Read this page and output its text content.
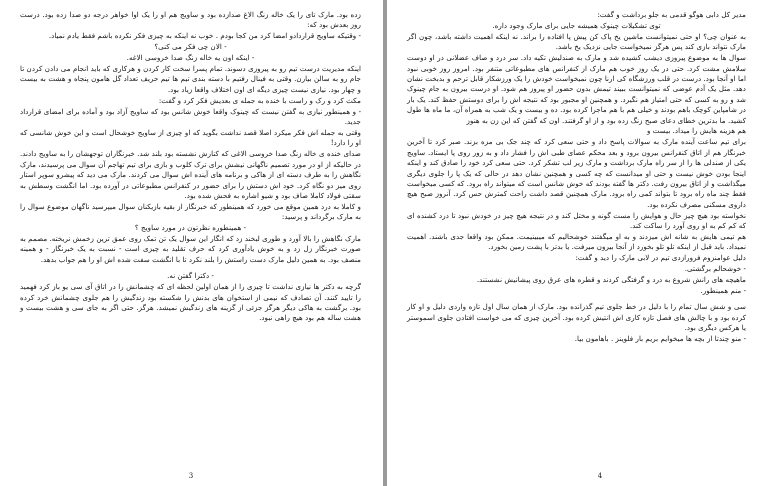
زده بود. مارک تای را یک خاله زنگ الاغ صدازده بود و ساویج هم او را یک اوا خواهر درجه دو صدا زده بود. درست روز بعدش بود که:

- وقتیکه ساویج قراردادو امضا کرد من کجا بودم . خوب نه اینکه به چیزی فکر نکرده باشم فقط یادم نمیاد.

- الان چی فکر می کنی؟

- اینکه اون یه خاله زنگ صدا خروسی الاغه.

اینکه مدیریت درست تیم رو به پیروزی دسوند. تمام پسرا سخت کار کردن و هرکاری که باید انجام می دادن کردن تا جام رو به سالن بیارن. وقتی به فینال رفتیم با دسته بندی تیم ها تیم حریف تعداد گل هامون پنجاه و هشت به بیست و چهار بود. نیازی نیست چیزی دیگه ای اون اختلاف واقعا زیاد بود.

مکث کرد و رک و راست با خنده به جمله ی بعدیش فکر کرد و گفت:

- و همینطور نیازی به گفتن نیست که چینوک واقعا خوش شانس بود که ساویج آزاد بود و آماده برای امضای قرارداد جدید.

وقتی به جمله اش فکر میکرد اصلا قصد نداشت بگوید که او چیزی از ساویج خوشحال است و این خوش شانسی که او را دارد!

صدای خنده ی خاله زنگ صدا خروسی الاغی که کنارش نشسته بود بلند شد. خبرنگاران توجهشان را به ساویج دادند. در حالیکه از او در مورد تصمیم ناگهانی نیشش برای ترک کلوب و بازی برای تیم تهاجم آن سوال می پرسیدند، مارک نگاهش را به طرف دسته ای از هاکی و برنامه های آینده اش سوال می کردند. مارک می دید که پیشرو سوپر استار روی میز دو نگاه کرد. خود اش دستش را برای حضور در کنفرانس مطبوعاتی در آورده بود. اما انگشت وسطش به سقتی فولاد کاملا صاف بود و شیو اشاره به فحش شده بود.

و کاملا به درد همین موقع می خورد که همینطور که خبرنگار از بقیه بازیکنان سوال میپرسید ناگهان موضوع سوال را به مارک برگرداند و پرسید:

- همینطوره نظرتون در مورد ساویج ؟

مارک نگاهش را بالا آورد و طوری لبخند زد که انگار این سوال یک تن تمک روی عمق ترین زخمش نریخته. مصمم به صورت خبرنگار زل زد و به خوش یادآوری کرد که حرف تقلید به چیزی است - نسبت به یک خبرنگار - و همینه منصف بود. به همین دلیل مارک دست راستش را بلند نکرد تا با انگشت سفت شده اش او را هم جواب بدهد.

- دکترا گفتن نه.

گرچه به دکتر ها نیازی نداشت تا چیزی را از همان اولین لحظه ای که چشمانش را در اتاق آی سی یو باز کرد فهمید را تایید کنند. آن تصادف که نیمی از استخوان های بدنش را شکسته بود زندگیش را هم جلوی چشمانش خرد کرده بود. برگشت به هاکی دیگر هرگز جزئی از گزینه های زندگیش نمیشد. هرگز. حتی اگر به جای سی و هشت بیست و هشت ساله هم بود هیچ راهی نبود.

3

مدیر کل دابی هوگو قدمی به جلو برداشت و گفت:

توی تشکیلات چینوک همیشه جایی برای مارک وجود داره.

به عنوان چی؟ او حتی نمیتوانست ماشین یخ پاک کن پیش پا افتاده را براند. نه اینکه اهمیت داشته باشد، چون اگر مارک نتواند بازی کند پس هرگز نمیخواست جایی نزدیک یخ باشد.

سوال ها به موضوع پیروزی دیشب کشیده شد و مارک به صندلیش تکیه داد. سر درد و صاف عضلانی در او دوست سلامش مشت کرد. حتی در یک روز خوب هم مارک از کنفرانس های مطبوعاتی متنفر بود. امروز روز خوبی نبود اما او آنجا بود. درست در قلب ورزشگاه کی ارنا چون نمیخواست خودش را یک ورزشکار قابل ترحم و بدبخت نشان دهد. مثل یک آدم عوضی که نمیتوانست ببیند تیمش بدون حضور او پیروز هم شود. او درست بیرون به جام چینوک شد و رو به کسی که حتی امتیاز هم نگیرد. و همچنین او مجبور بود که نتیجه اش را برای دوستش حفظ کند. یک بار در شامپاین کوچک باهم بودند و خیلی هم با هم ماجرا کرده بود. ده و بیست و یک شب به همراه آن، ما ماه ها طول کشید. ما بدترین خطای دعای صبح زنگ زده بود و از او گرفتند. اون که گفتن که این زن به هنوز

هم هزینه هایش را میداد. بیست و

برای تیم ساعت آینده مارک به سوالات پاسخ داد و حتی سعی کرد که چند جک بی مزه بزند. صبر کرد تا آخرین خبرنگار هم از اتاق کنفرانس بیرون برود و بعد محکم عصای طبی اش را فشار داد و به زور روی پا ایستاد. ساویج یکی از صندلی ها را از سر راه مارک برداشت و مارک زیر لب تشکر کرد. حتی سعی کرد خود را صادق کند و اینکه اینجا بودن خوش نیست و حتی او میدانست که چه کسی و همچنین نشان دهد در حالی که یک پا را جلوی دیگری میگذاشت و از اتاق بیرون رفت. دکتر ها گفته بودند که خوش شانس است که میتواند راه برود. که کسی میخواست فقط چند ماه راه برود تا بتواند کمی راه برود. مارک همچنین قصد داشت راحت کمترش حس کرد. آنروز صبح هیچ داروی مسکنی مصرف نکرده بود.

نخواسته بود هیچ چیز حال و هوایش را مست گونه و مختل کند و در نتیجه هیچ چیز در خودش نبود تا درد کشنده ای که کم کم به او روی آورد را ساکت کند.

هم تیمی هایش به شانه اش میزدند و به او میگفتند خوشحالیم که میبینیمت. ممکن بود واقعا جدی باشند. اهمیت نمیداد. باید قبل از اینکه تلو تلو بخورد از آنجا بیرون میرفت. یا بدتر با پشت زمین بخورد.

دلیل عوامنزوم فرورازدی تیم در لابی مارک را دید و گفت:

- خوشحالم برگشتی.

ماهیچه های رانش شروع به درد و گرفتگی کردند و قطره های عرق روی پیشانیش نشستند.

- منم همینطور.

سی و شش سال تمام را با دلیل در خط جلوی تیم گذرانده بود. مارک از همان سال اول تازه واردی دلیل و او کار کرده بود و با چالش های فصل تازه کاری اش انتیش کرده بود. آخرین چیزی که می خواست افتادن جلوی اسموستر یا هرکس دیگری بود.

- منو چندتا از بچه ها میخوایم بریم بار فلوینز . باهامون بیا.

4
